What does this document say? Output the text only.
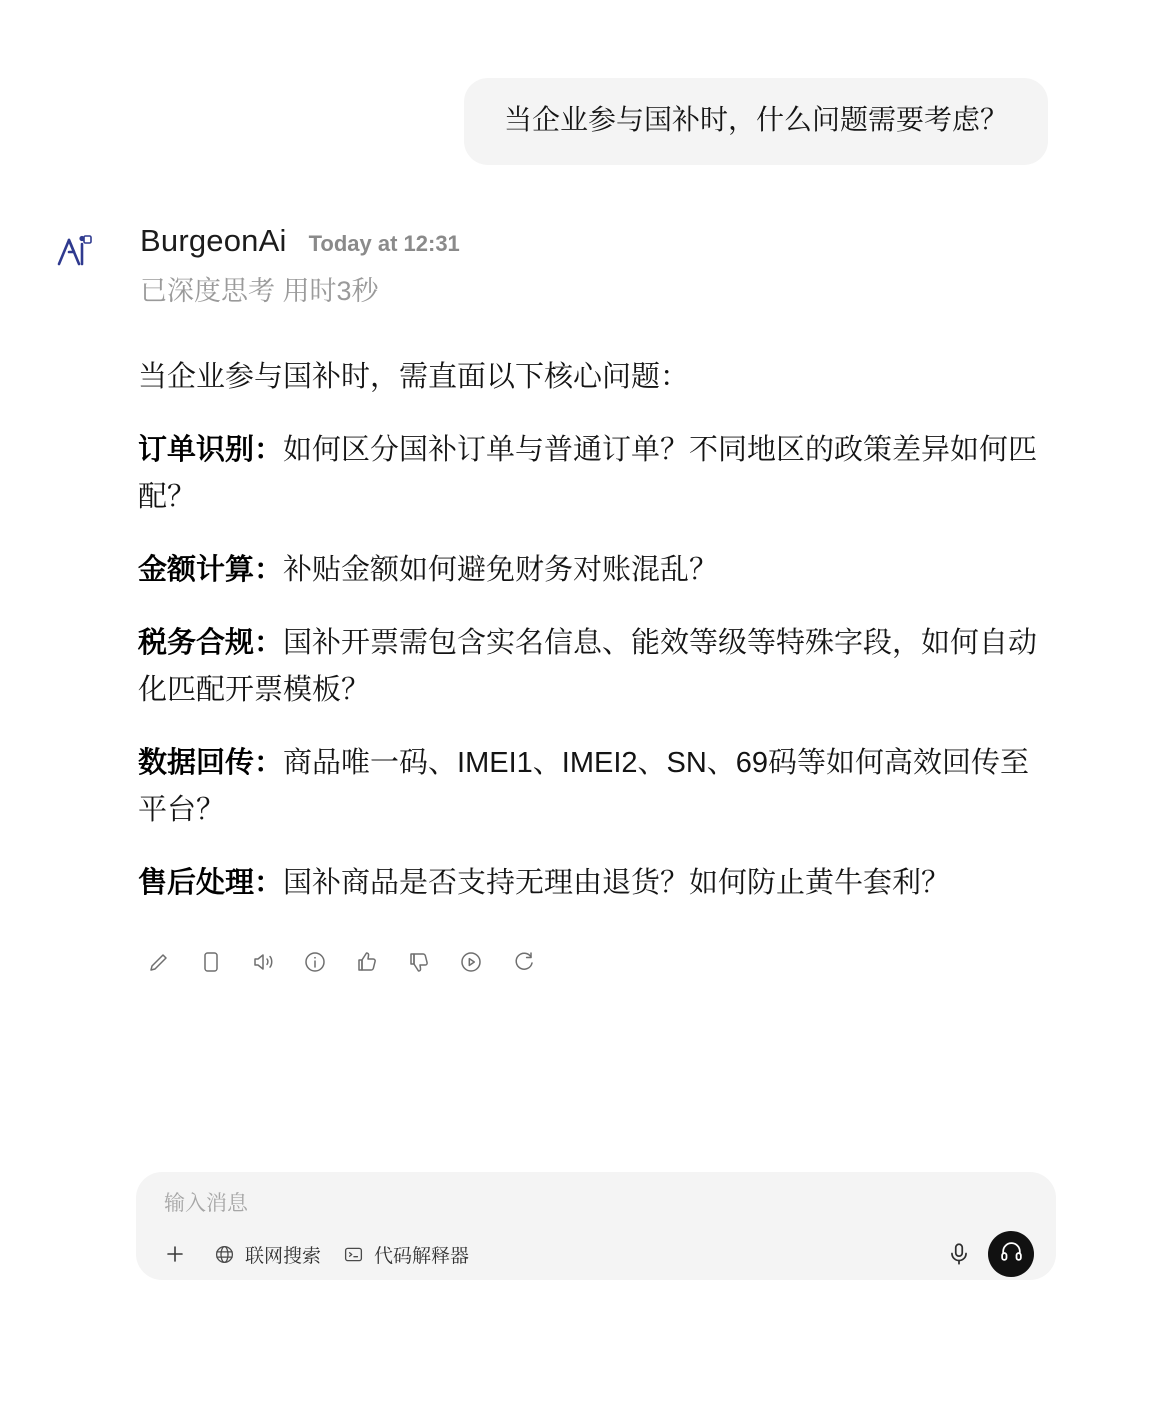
当企业参与国补时，什么问题需要考虑？
BurgeonAi Today at 12:31
已深度思考 用时3秒

当企业参与国补时，需直面以下核心问题：

订单识别：如何区分国补订单与普通订单？不同地区的政策差异如何匹配？

金额计算：补贴金额如何避免财务对账混乱？

税务合规：国补开票需包含实名信息、能效等级等特殊字段，如何自动化匹配开票模板？

数据回传：商品唯一码、IMEI1、IMEI2、SN、69码等如何高效回传至平台？

售后处理：国补商品是否支持无理由退货？如何防止黄牛套利？

输入消息
联网搜索	代码解释器
